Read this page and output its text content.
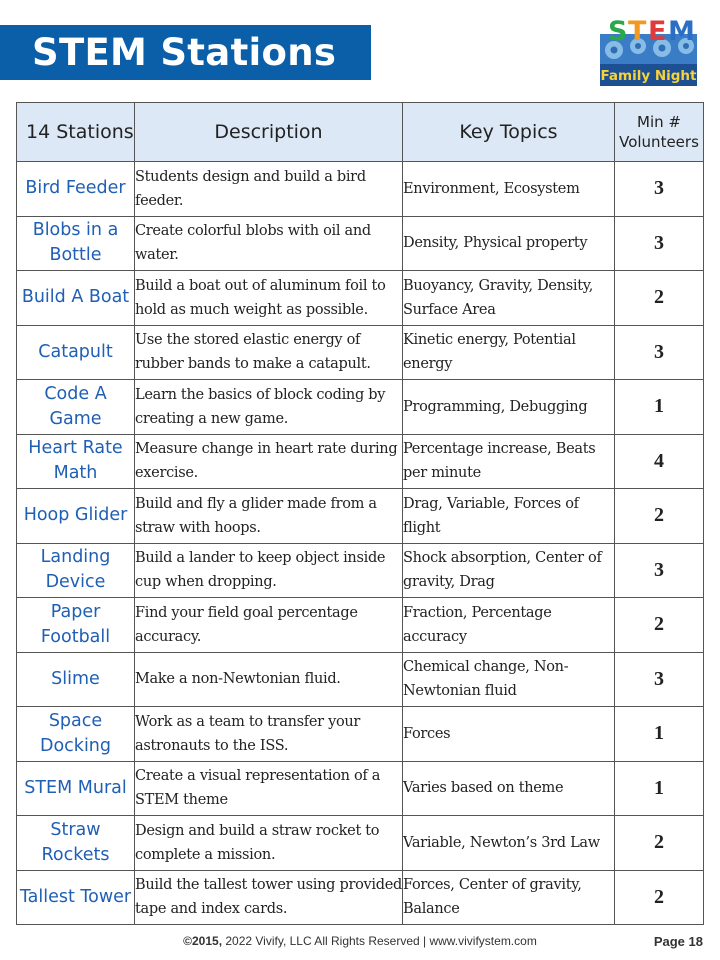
STEM Stations	S T E M
Family Night
14 Stations	Description	Key Topics	Min #
Volunteers
Bird Feeder	Students design and build a bird feeder.	Environment, Ecosystem	3
Blobs in a Bottle	Create colorful blobs with oil and water.	Density, Physical property	3
Build A Boat	Build a boat out of aluminum foil to hold as much weight as possible.	Buoyancy, Gravity, Density, Surface Area	2
Catapult	Use the stored elastic energy of rubber bands to make a catapult.	Kinetic energy, Potential energy	3
Code A Game	Learn the basics of block coding by creating a new game.	Programming, Debugging	1
Heart Rate Math	Measure change in heart rate during exercise.	Percentage increase, Beats per minute	4
Hoop Glider	Build and fly a glider made from a straw with hoops.	Drag, Variable, Forces of flight	2
Landing Device	Build a lander to keep object inside cup when dropping.	Shock absorption, Center of gravity, Drag	3
Paper Football	Find your field goal percentage accuracy.	Fraction, Percentage accuracy	2
Slime	Make a non-Newtonian fluid.	Chemical change, Non-Newtonian fluid	3
Space Docking	Work as a team to transfer your astronauts to the ISS.	Forces	1
STEM Mural	Create a visual representation of a STEM theme	Varies based on theme	1
Straw Rockets	Design and build a straw rocket to complete a mission.	Variable, Newton’s 3rd Law	2
Tallest Tower	Build the tallest tower using provided tape and index cards.	Forces, Center of gravity, Balance	2
©2015, 2022 Vivify, LLC All Rights Reserved | www.vivifystem.com	Page 18
